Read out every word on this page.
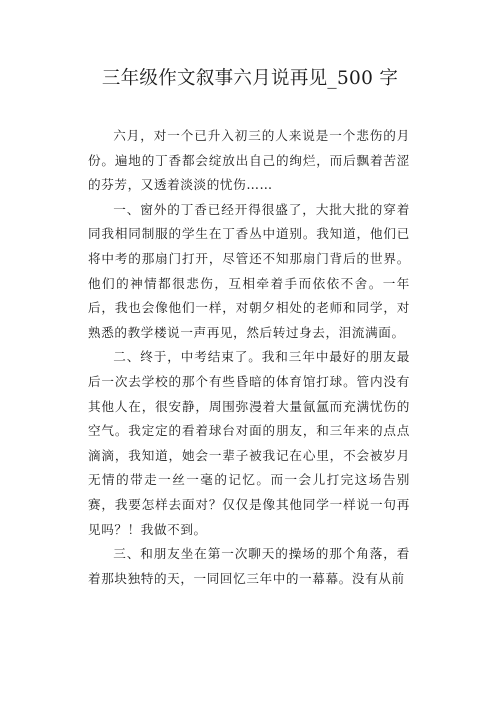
三年级作文叙事六月说再见_500 字

六月，对一个已升入初三的人来说是一个悲伤的月份。遍地的丁香都会绽放出自己的绚烂，而后飘着苦涩的芬芳，又透着淡淡的忧伤……

一、窗外的丁香已经开得很盛了，大批大批的穿着同我相同制服的学生在丁香丛中道别。我知道，他们已将中考的那扇门打开，尽管还不知那扇门背后的世界。他们的神情都很悲伤，互相牵着手而依依不舍。一年后，我也会像他们一样，对朝夕相处的老师和同学，对熟悉的教学楼说一声再见，然后转过身去，泪流满面。

二、终于，中考结束了。我和三年中最好的朋友最后一次去学校的那个有些昏暗的体育馆打球。管内没有其他人在，很安静，周围弥漫着大量氤氲而充满忧伤的空气。我定定的看着球台对面的朋友，和三年来的点点滴滴，我知道，她会一辈子被我记在心里，不会被岁月无情的带走一丝一毫的记忆。而一会儿打完这场告别赛，我要怎样去面对？仅仅是像其他同学一样说一句再见吗？！我做不到。

三、和朋友坐在第一次聊天的操场的那个角落，看着那块独特的天，一同回忆三年中的一幕幕。没有从前
